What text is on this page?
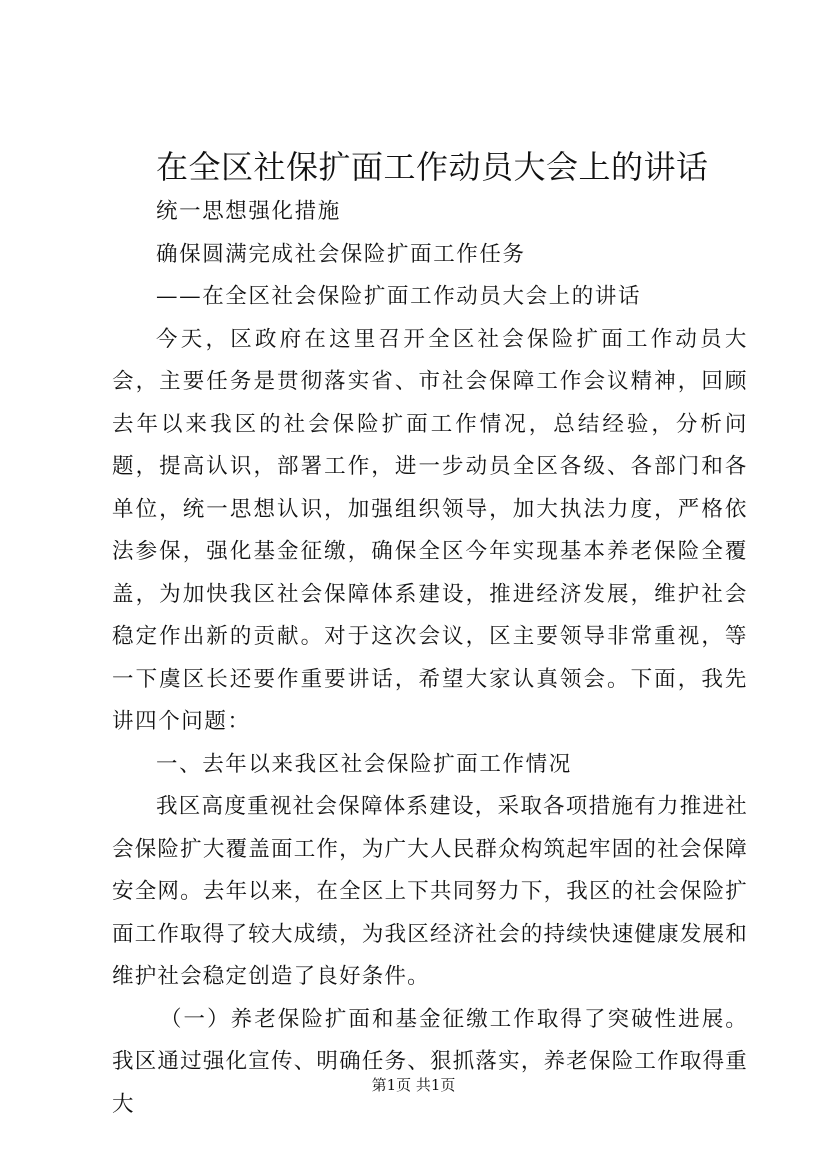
在全区社保扩面工作动员大会上的讲话

统一思想强化措施

确保圆满完成社会保险扩面工作任务

——在全区社会保险扩面工作动员大会上的讲话

今天，区政府在这里召开全区社会保险扩面工作动员大会，主要任务是贯彻落实省、市社会保障工作会议精神，回顾去年以来我区的社会保险扩面工作情况，总结经验，分析问题，提高认识，部署工作，进一步动员全区各级、各部门和各单位，统一思想认识，加强组织领导，加大执法力度，严格依法参保，强化基金征缴，确保全区今年实现基本养老保险全覆盖，为加快我区社会保障体系建设，推进经济发展，维护社会稳定作出新的贡献。对于这次会议，区主要领导非常重视，等一下虞区长还要作重要讲话，希望大家认真领会。下面，我先讲四个问题：

一、去年以来我区社会保险扩面工作情况

我区高度重视社会保障体系建设，采取各项措施有力推进社会保险扩大覆盖面工作，为广大人民群众构筑起牢固的社会保障安全网。去年以来，在全区上下共同努力下，我区的社会保险扩面工作取得了较大成绩，为我区经济社会的持续快速健康发展和维护社会稳定创造了良好条件。

（一）养老保险扩面和基金征缴工作取得了突破性进展。我区通过强化宣传、明确任务、狠抓落实，养老保险工作取得重大

第1页 共1页
